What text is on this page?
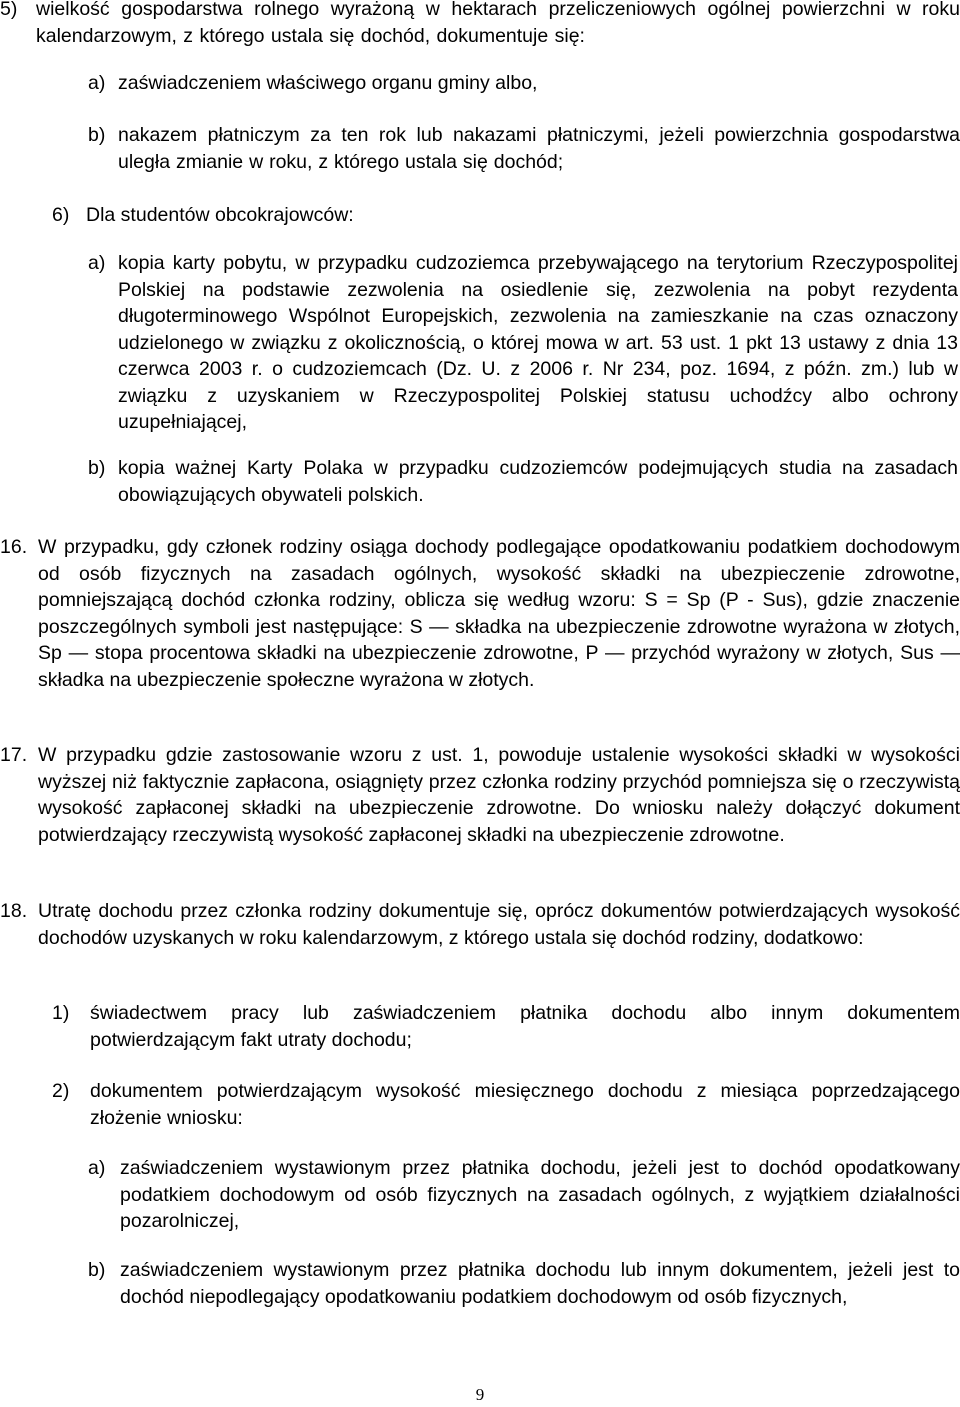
5) wielkość gospodarstwa rolnego wyrażoną w hektarach przeliczeniowych ogólnej powierzchni w roku kalendarzowym, z którego ustala się dochód, dokumentuje się:
a) zaświadczeniem właściwego organu gminy albo,
b) nakazem płatniczym za ten rok lub nakazami płatniczymi, jeżeli powierzchnia gospodarstwa uległa zmianie w roku, z którego ustala się dochód;
6) Dla studentów obcokrajowców:
a) kopia karty pobytu, w przypadku cudzoziemca przebywającego na terytorium Rzeczypospolitej Polskiej na podstawie zezwolenia na osiedlenie się, zezwolenia na pobyt rezydenta długoterminowego Wspólnot Europejskich, zezwolenia na zamieszkanie na czas oznaczony udzielonego w związku z okolicznością, o której mowa w art. 53 ust. 1 pkt 13 ustawy z dnia 13 czerwca 2003 r. o cudzoziemcach (Dz. U. z 2006 r. Nr 234, poz. 1694, z późn. zm.) lub w związku z uzyskaniem w Rzeczypospolitej Polskiej statusu uchodźcy albo ochrony uzupełniającej,
b) kopia ważnej Karty Polaka w przypadku cudzoziemców podejmujących studia na zasadach obowiązujących obywateli polskich.
16. W przypadku, gdy członek rodziny osiąga dochody podlegające opodatkowaniu podatkiem dochodowym od osób fizycznych na zasadach ogólnych, wysokość składki na ubezpieczenie zdrowotne, pomniejszającą dochód członka rodziny, oblicza się według wzoru: S = Sp (P - Sus), gdzie znaczenie poszczególnych symboli jest następujące: S — składka na ubezpieczenie zdrowotne wyrażona w złotych, Sp — stopa procentowa składki na ubezpieczenie zdrowotne, P — przychód wyrażony w złotych, Sus — składka na ubezpieczenie społeczne wyrażona w złotych.
17. W przypadku gdzie zastosowanie wzoru z ust. 1, powoduje ustalenie wysokości składki w wysokości wyższej niż faktycznie zapłacona, osiągnięty przez członka rodziny przychód pomniejsza się o rzeczywistą wysokość zapłaconej składki na ubezpieczenie zdrowotne. Do wniosku należy dołączyć dokument potwierdzający rzeczywistą wysokość zapłaconej składki na ubezpieczenie zdrowotne.
18. Utratę dochodu przez członka rodziny dokumentuje się, oprócz dokumentów potwierdzających wysokość dochodów uzyskanych w roku kalendarzowym, z którego ustala się dochód rodziny, dodatkowo:
1) świadectwem pracy lub zaświadczeniem płatnika dochodu albo innym dokumentem potwierdzającym fakt utraty dochodu;
2) dokumentem potwierdzającym wysokość miesięcznego dochodu z miesiąca poprzedzającego złożenie wniosku:
a) zaświadczeniem wystawionym przez płatnika dochodu, jeżeli jest to dochód opodatkowany podatkiem dochodowym od osób fizycznych na zasadach ogólnych, z wyjątkiem działalności pozarolniczej,
b) zaświadczeniem wystawionym przez płatnika dochodu lub innym dokumentem, jeżeli jest to dochód niepodlegający opodatkowaniu podatkiem dochodowym od osób fizycznych,
9
